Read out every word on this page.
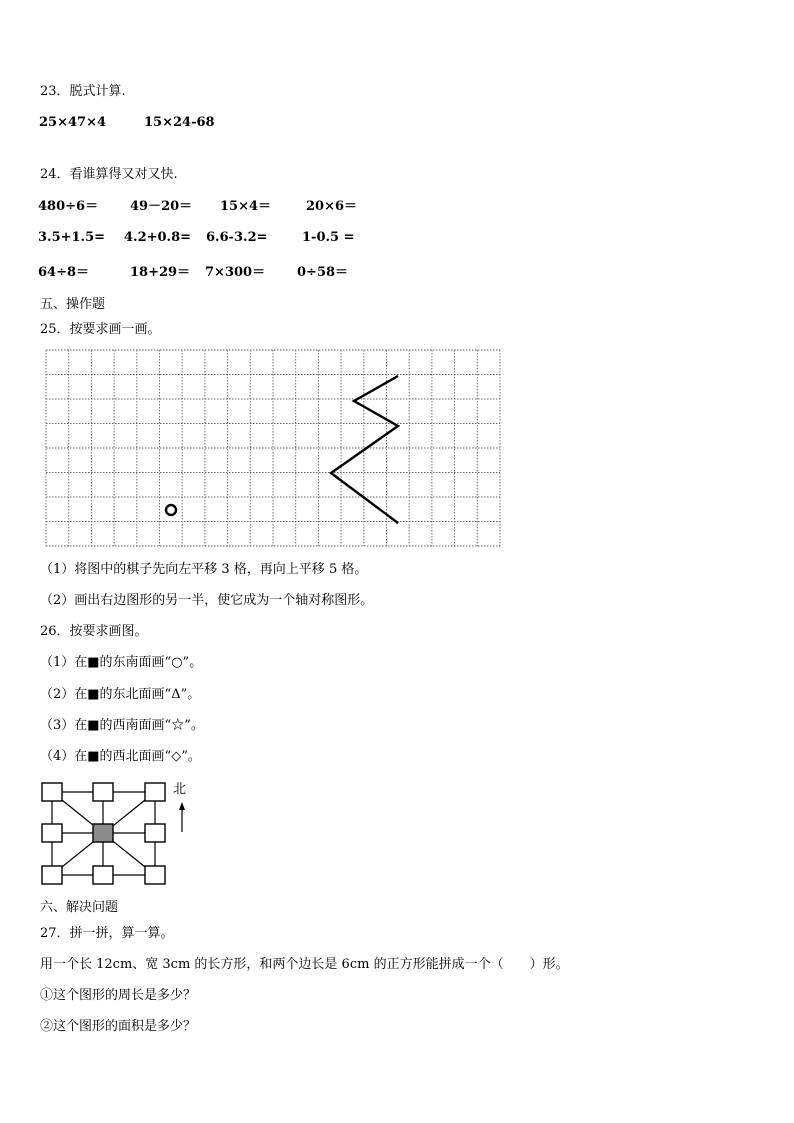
23．脱式计算.
25×47×4	15×24-68
24．看谁算得又对又快.
480÷6＝ 49－20＝ 15×4＝	20×6＝
3.5+1.5= 4.2+0.8= 6.6-3.2=	1-0.5 =
64÷8＝	18+29＝ 7×300＝ 0÷58＝
五、操作题
25．按要求画一画。
（1）将图中的棋子先向左平移 3 格，再向上平移 5 格。
（2）画出右边图形的另一半，使它成为一个轴对称图形。
26．按要求画图。
（1）在■的东南面画“○”。
（2）在■的东北面画“Δ”。
（3）在■的西南面画“☆”。
（4）在■的西北面画“◇”。
北
六、解决问题
27．拼一拼，算一算。
用一个长 12cm、宽 3cm 的长方形，和两个边长是 6cm 的正方形能拼成一个（　　）形。
①这个图形的周长是多少？
②这个图形的面积是多少？
